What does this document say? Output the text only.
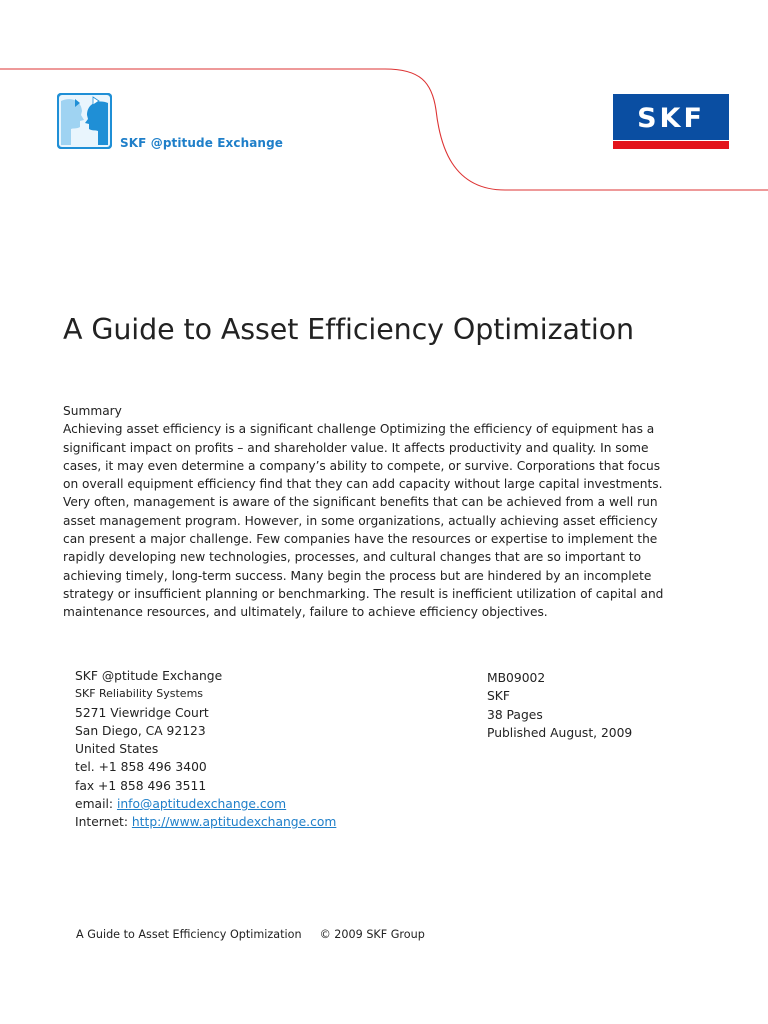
SKF @ptitude Exchange
SKF
A Guide to Asset Efficiency Optimization

Summary

Achieving asset efficiency is a significant challenge Optimizing the efficiency of equipment has a significant impact on profits – and shareholder value. It affects productivity and quality. In some cases, it may even determine a company’s ability to compete, or survive. Corporations that focus on overall equipment efficiency find that they can add capacity without large capital investments.

Very often, management is aware of the significant benefits that can be achieved from a well run asset management program. However, in some organizations, actually achieving asset efficiency can present a major challenge. Few companies have the resources or expertise to implement the rapidly developing new technologies, processes, and cultural changes that are so important to achieving timely, long-term success. Many begin the process but are hindered by an incomplete strategy or insufficient planning or benchmarking. The result is inefficient utilization of capital and maintenance resources, and ultimately, failure to achieve efficiency objectives.

SKF @ptitude Exchange
SKF Reliability Systems
5271 Viewridge Court
San Diego, CA 92123
United States
tel. +1 858 496 3400
fax +1 858 496 3511
email: info@aptitudexchange.com
Internet: http://www.aptitudexchange.com
MB09002
SKF
38 Pages
Published August, 2009
A Guide to Asset Efficiency Optimization © 2009 SKF Group
